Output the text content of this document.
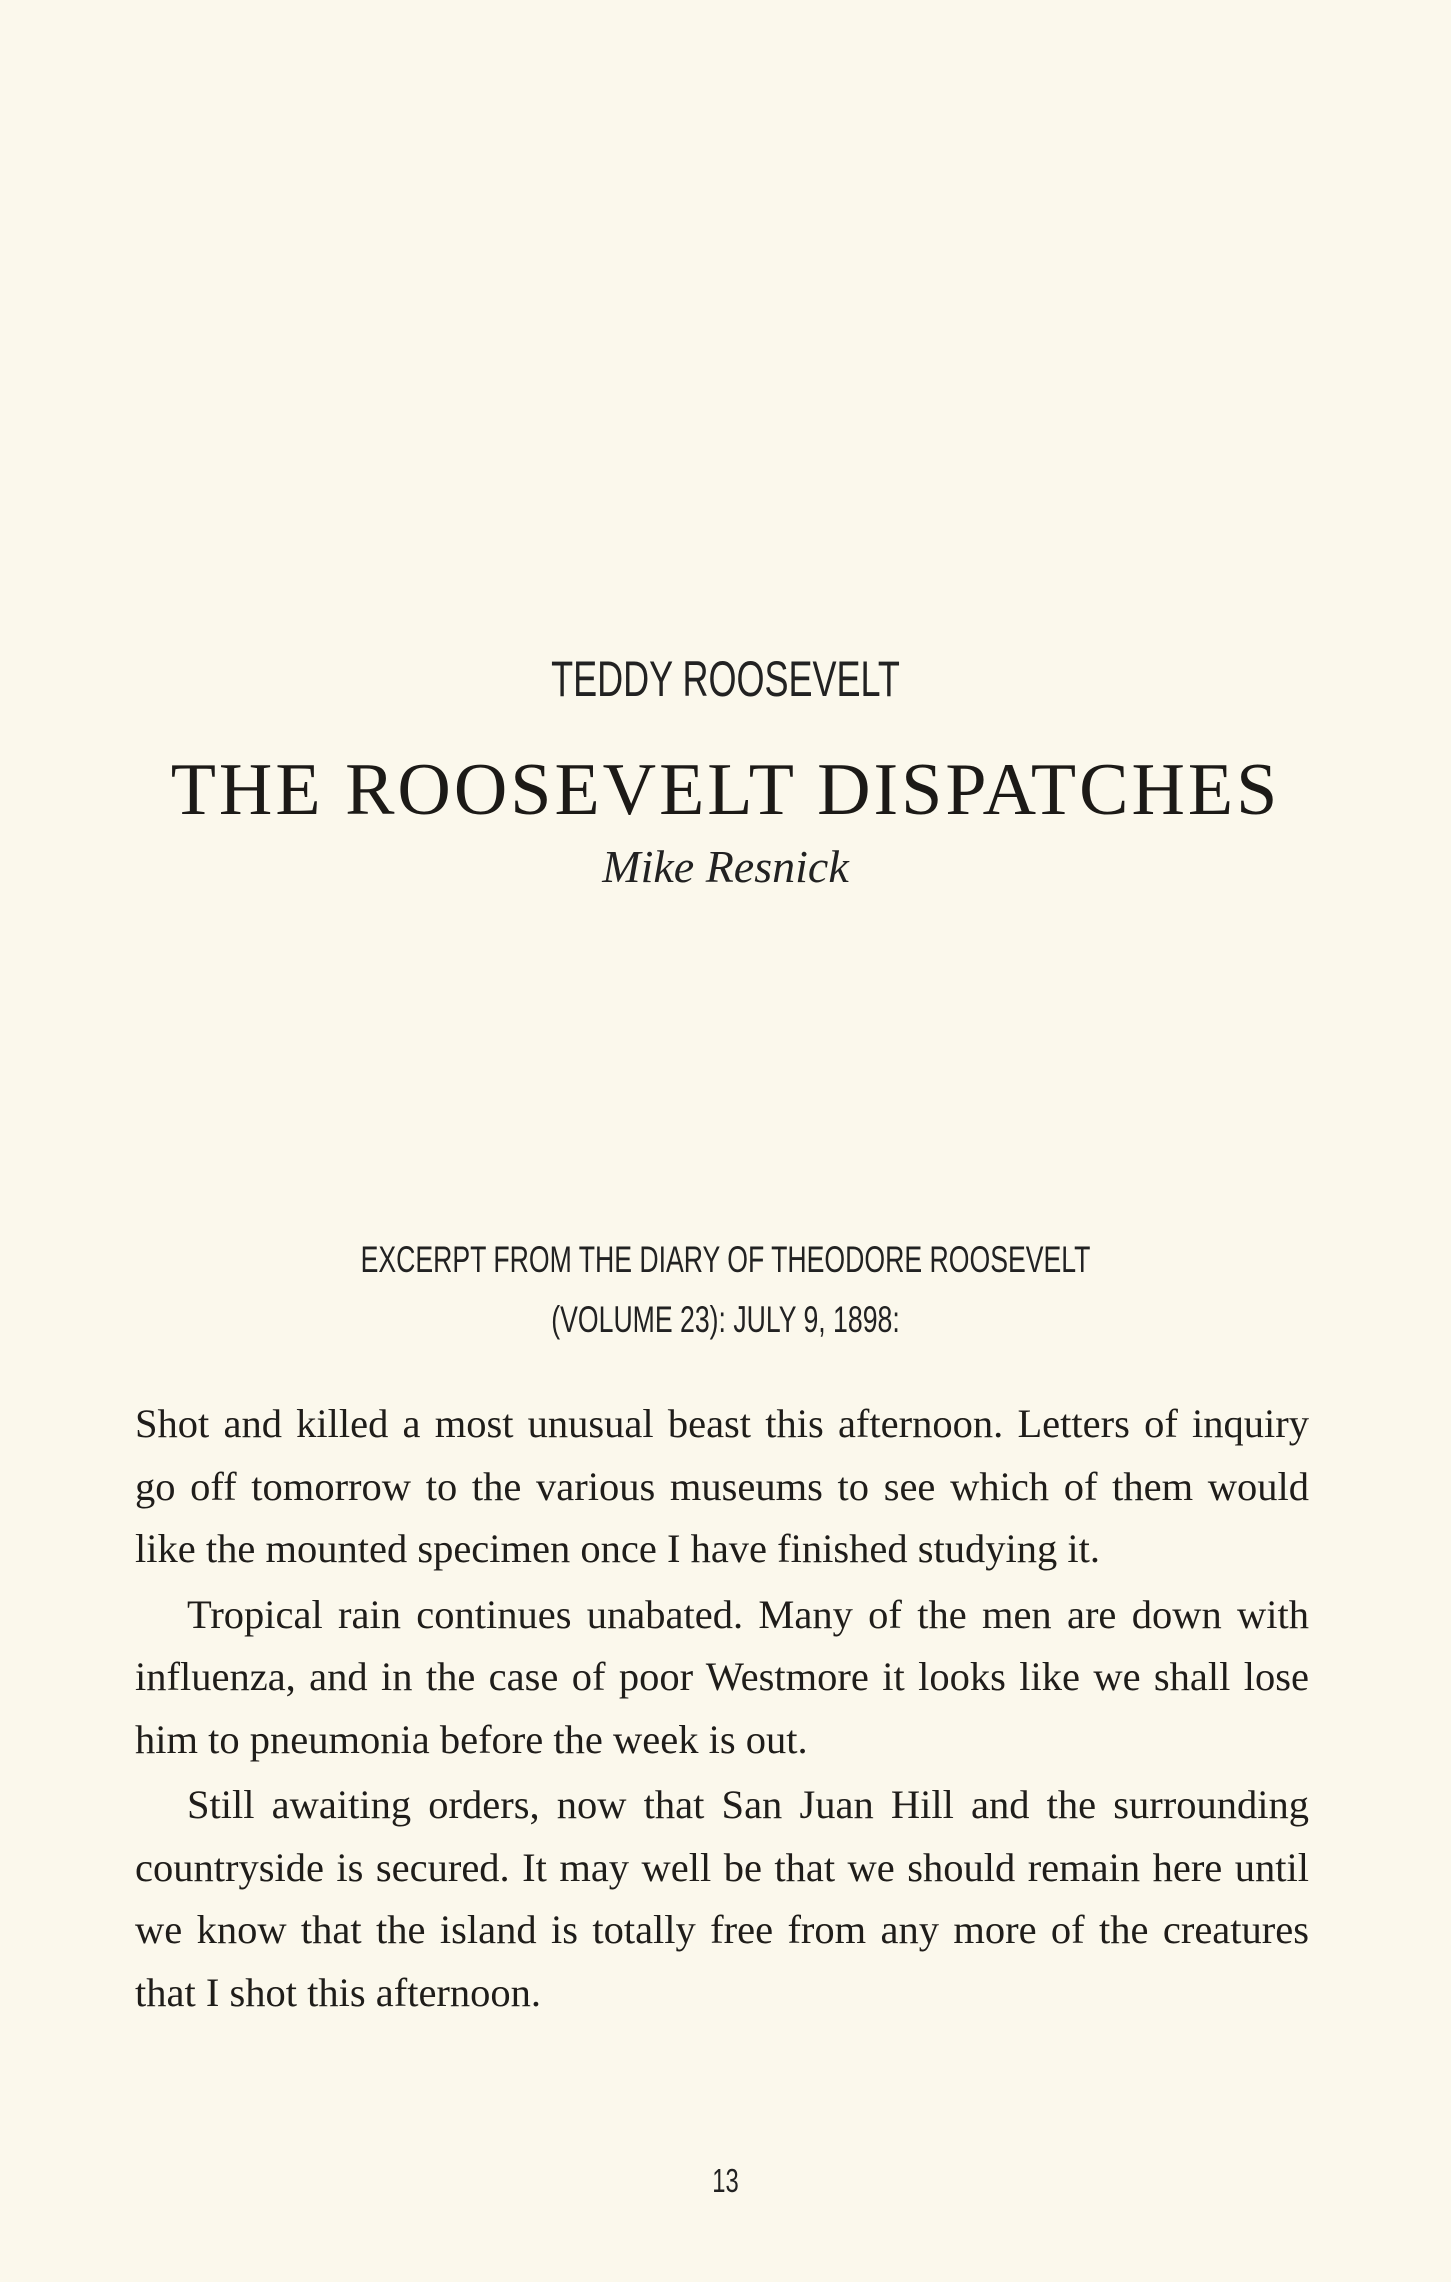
TEDDY ROOSEVELT
THE ROOSEVELT DISPATCHES
Mike Resnick
EXCERPT FROM THE DIARY OF THEODORE ROOSEVELT
(VOLUME 23): JULY 9, 1898:

Shot and killed a most unusual beast this afternoon. Letters of inquiry go off tomorrow to the various museums to see which of them would like the mounted specimen once I have finished studying it.

Tropical rain continues unabated. Many of the men are down with influenza, and in the case of poor Westmore it looks like we shall lose him to pneumonia before the week is out.

Still awaiting orders, now that San Juan Hill and the surrounding countryside is secured. It may well be that we should remain here until we know that the island is totally free from any more of the creatures that I shot this afternoon.

13
